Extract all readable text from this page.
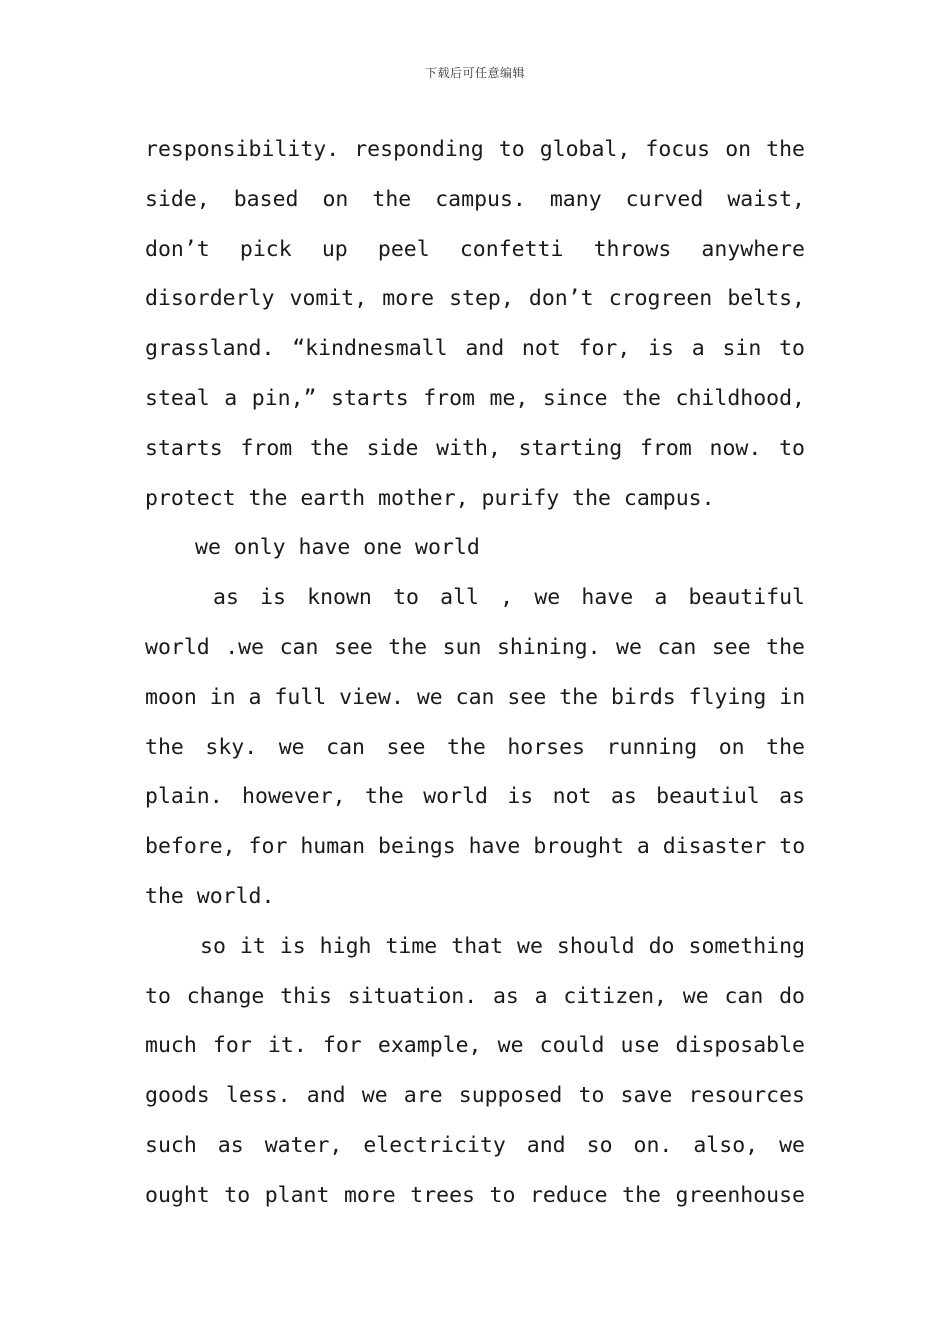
下载后可任意编辑
responsibility. responding to global, focus on the
side, based on the campus. many curved waist,
don’t pick up peel confetti throws anywhere
disorderly vomit, more step, don’t crogreen belts,
grassland. “kindnesmall and not for, is a sin to
steal a pin,” starts from me, since the childhood,
starts from the side with, starting from now. to
protect the earth mother, purify the campus.
we only have one world
as is known to all , we have a beautiful
world .we can see the sun shining. we can see the
moon in a full view. we can see the birds flying in
the sky. we can see the horses running on the
plain. however, the world is not as beautiul as
before, for human beings have brought a disaster to
the world.
so it is high time that we should do something
to change this situation. as a citizen, we can do
much for it. for example, we could use disposable
goods less. and we are supposed to save resources
such as water, electricity and so on. also, we
ought to plant more trees to reduce the greenhouse
